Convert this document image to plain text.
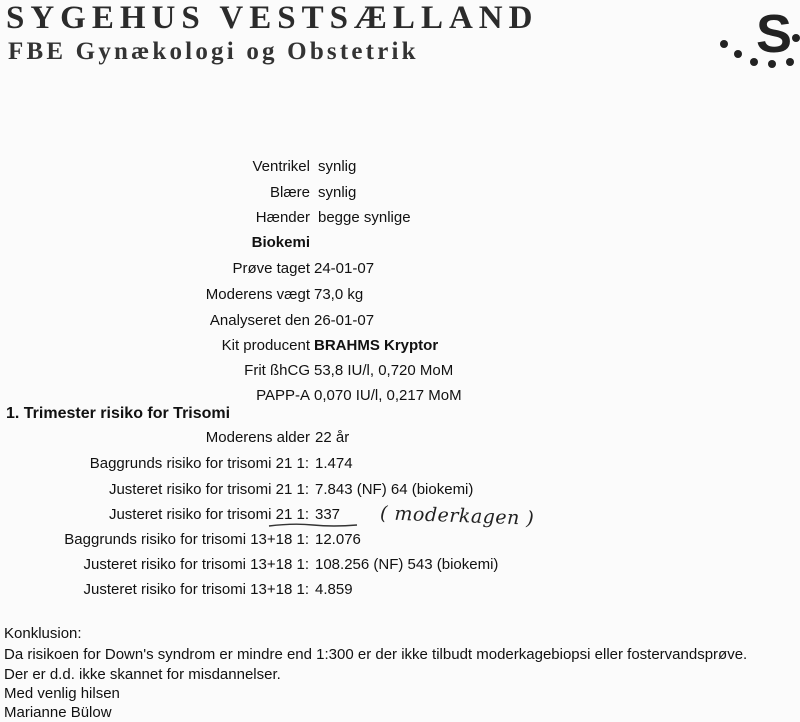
SYGEHUS VESTSÆLLAND
FBE Gynækologi og Obstetrik	S
Ventrikel synlig
Blære synlig
Hænder begge synlige
Biokemi
Prøve taget 24-01-07
Moderens vægt 73,0 kg
Analyseret den 26-01-07
Kit producent BRAHMS Kryptor
Frit ßhCG 53,8 IU/l, 0,720 MoM
PAPP-A 0,070 IU/l, 0,217 MoM
1. Trimester risiko for Trisomi
Moderens alder 22 år
Baggrunds risiko for trisomi 21 1: 1.474
Justeret risiko for trisomi 21 1: 7.843 (NF) 64 (biokemi)
Justeret risiko for trisomi 21 1: 337 ( moderkagen )
Baggrunds risiko for trisomi 13+18 1: 12.076
Justeret risiko for trisomi 13+18 1: 108.256 (NF) 543 (biokemi)
Justeret risiko for trisomi 13+18 1: 4.859
Konklusion:
Da risikoen for Down's syndrom er mindre end 1:300 er der ikke tilbudt moderkagebiopsi eller fostervandsprøve.
Der er d.d. ikke skannet for misdannelser.
Med venlig hilsen
Marianne Bülow
